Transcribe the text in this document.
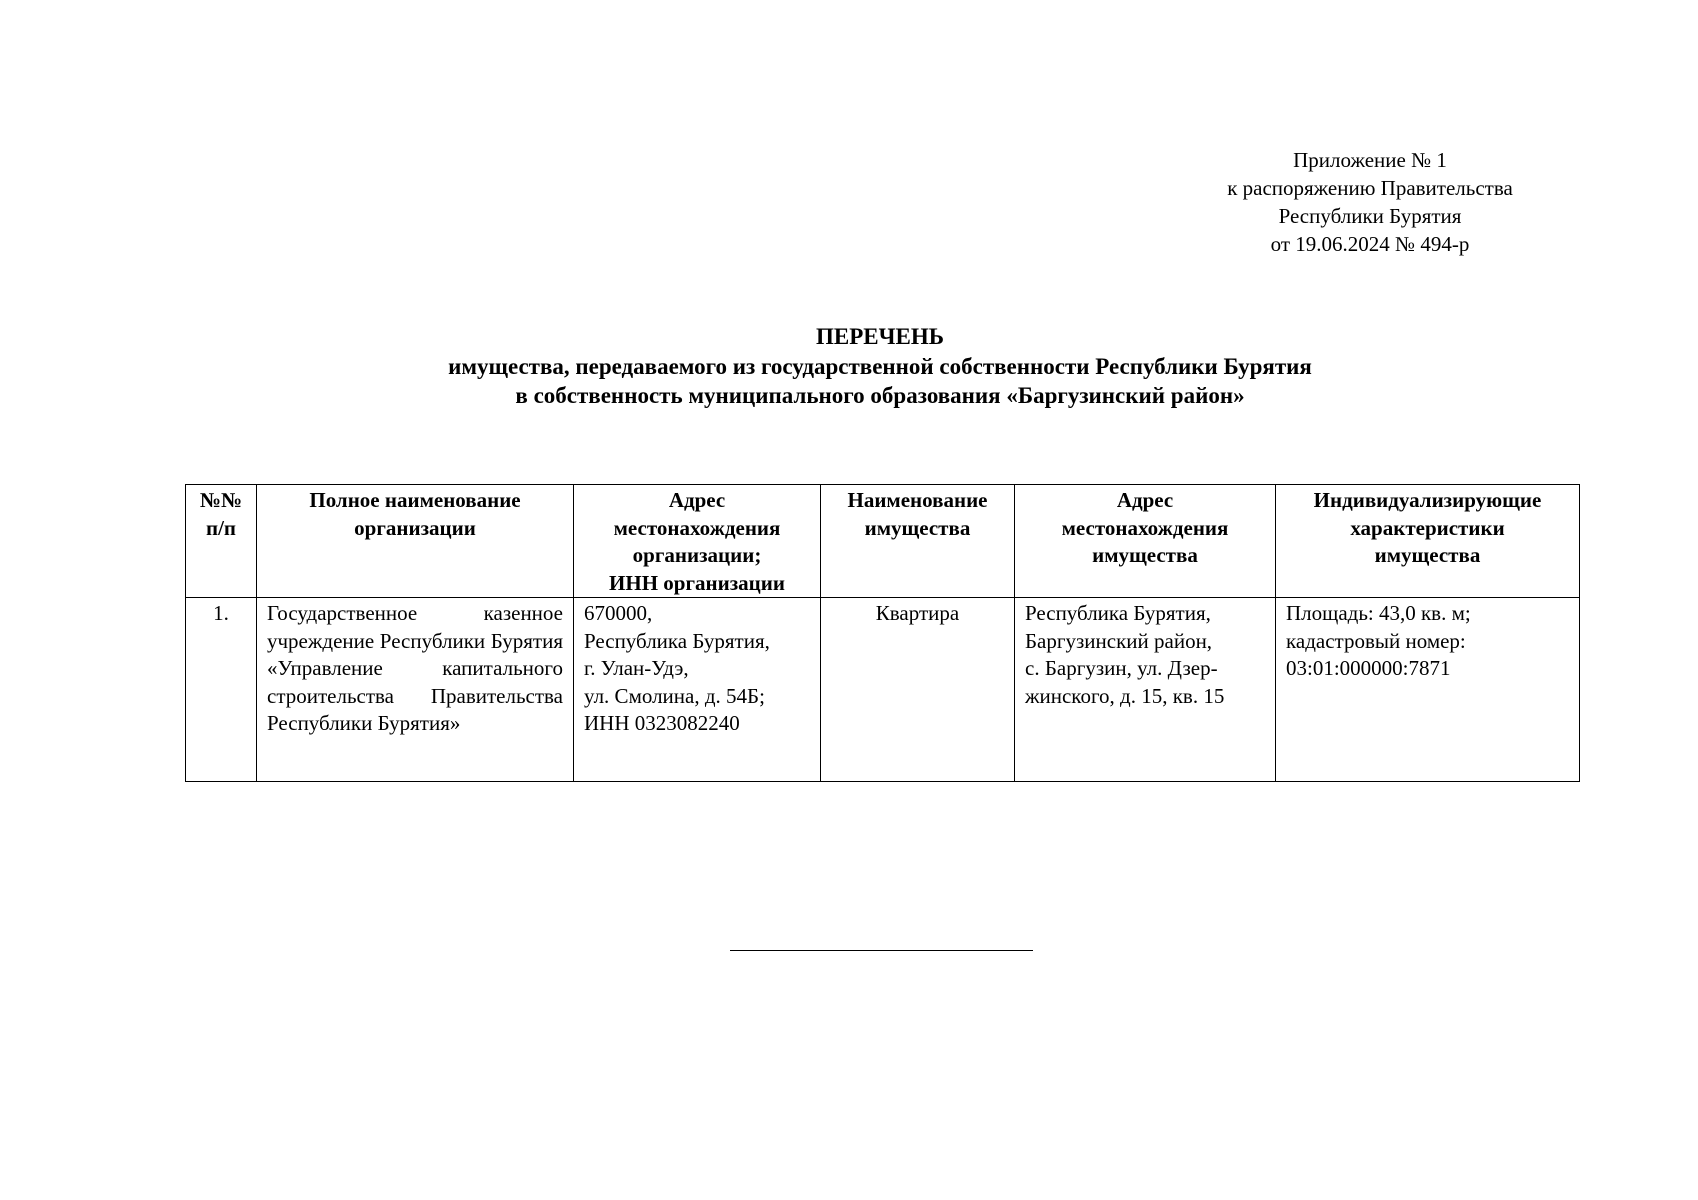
Приложение № 1
к распоряжению Правительства
Республики Бурятия
от 19.06.2024 № 494-р
ПЕРЕЧЕНЬ
имущества, передаваемого из государственной собственности Республики Бурятия
в собственность муниципального образования «Баргузинский район»
№№
п/п	Полное наименование
организации	Адрес
местонахождения
организации;
ИНН организации	Наименование
имущества	Адрес
местонахождения
имущества	Индивидуализирующие
характеристики
имущества

1.	Государственное казенное учреждение Республики Бурятия «Управление капитального строительства Правительства Республики Бурятия»	670000,
Республика Бурятия,
г. Улан-Удэ,
ул. Смолина, д. 54Б;
ИНН 0323082240	Квартира	Республика Бурятия,
Баргузинский район,
с. Баргузин, ул. Дзер-
жинского, д. 15, кв. 15	Площадь: 43,0 кв. м;
кадастровый номер:
03:01:000000:7871
